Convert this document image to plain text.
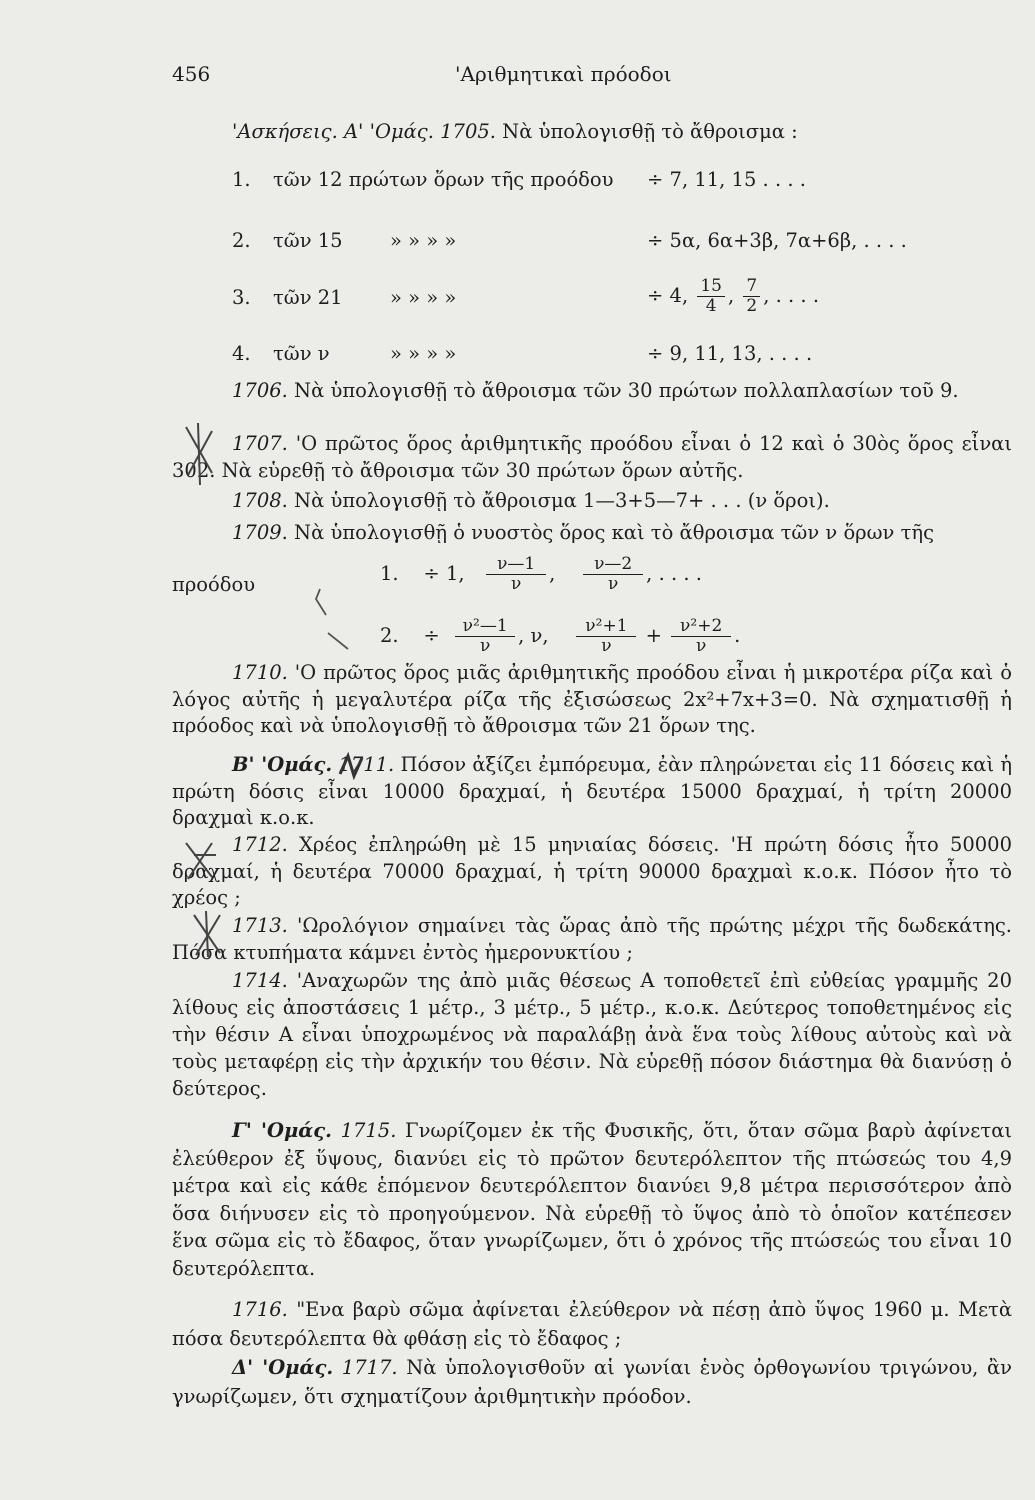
456	'Αριθμητικαὶ πρόοδοι
'Ασκήσεις. Α' 'Ομάς. 1705. Νὰ ὑπολογισθῇ τὸ ἄθροισμα :
1. τῶν 12 πρώτων ὅρων τῆς προόδου ÷ 7, 11, 15 . . . .
2. τῶν 15 » » » »	÷ 5α, 6α+3β, 7α+6β, . . . .
3. τῶν 21 » » » »	÷ 4, $\frac{15}{4}$ , $\frac{7}{2}$ , . . . .
4. τῶν ν	» » » »	÷ 9, 11, 13, . . . .
1706. Νὰ ὑπολογισθῇ τὸ ἄθροισμα τῶν 30 πρώτων πολλαπλασίων τοῦ 9.
1707. 'Ο πρῶτος ὅρος ἀριθμητικῆς προόδου εἶναι ὁ 12 καὶ ὁ 30ὸς ὅρος εἶναι 302. Νὰ εὑρεθῇ τὸ ἄθροισμα τῶν 30 πρώτων ὅρων αὐτῆς.
1708. Νὰ ὑπολογισθῇ τὸ ἄθροισμα 1—3+5—7+ . . . (ν ὅροι).
1709. Νὰ ὑπολογισθῇ ὁ νυοστὸς ὅρος καὶ τὸ ἄθροισμα τῶν ν ὅρων τῆς
προόδου	1. ÷ 1, $\frac{\nu—1}{\nu}$ , $\frac{\nu—2}{\nu}$ , . . . .
2. ÷ $\frac{\text{ν²—1}}{\nu}$ , ν, $\frac{\text{ν²+1}}{\nu} + \frac{\text{ν²+2}}{\nu}$ .
1710. 'Ο πρῶτος ὅρος μιᾶς ἀριθμητικῆς προόδου εἶναι ἡ μικροτέρα ρίζα καὶ ὁ λόγος αὐτῆς ἡ μεγαλυτέρα ρίζα τῆς ἐξισώσεως 2x²+7x+3=0. Νὰ σχηματισθῇ ἡ πρόοδος καὶ νὰ ὑπολογισθῇ τὸ ἄθροισμα τῶν 21 ὅρων της.
Β' 'Ομάς. 1711. Πόσον ἀξίζει ἐμπόρευμα, ἐὰν πληρώνεται εἰς 11 δόσεις καὶ ἡ πρώτη δόσις εἶναι 10000 δραχμαί, ἡ δευτέρα 15000 δραχμαί, ἡ τρίτη 20000 δραχμαὶ κ.ο.κ.
1712. Χρέος ἐπληρώθη μὲ 15 μηνιαίας δόσεις. 'Η πρώτη δόσις ἦτο 50000 δραχμαί, ἡ δευτέρα 70000 δραχμαί, ἡ τρίτη 90000 δραχμαὶ κ.ο.κ. Πόσον ἦτο τὸ χρέος ;
1713. 'Ωρολόγιον σημαίνει τὰς ὥρας ἀπὸ τῆς πρώτης μέχρι τῆς δωδεκάτης. Πόσα κτυπήματα κάμνει ἐντὸς ἡμερονυκτίου ;
1714. 'Αναχωρῶν της ἀπὸ μιᾶς θέσεως Α τοποθετεῖ ἐπὶ εὐθείας γραμμῆς 20 λίθους εἰς ἀποστάσεις 1 μέτρ., 3 μέτρ., 5 μέτρ., κ.ο.κ. Δεύτερος τοποθετημένος εἰς τὴν θέσιν Α εἶναι ὑποχρωμένος νὰ παραλάβῃ ἀνὰ ἕνα τοὺς λίθους αὐτοὺς καὶ νὰ τοὺς μεταφέρῃ εἰς τὴν ἀρχικήν του θέσιν. Νὰ εὑρεθῇ πόσον διάστημα θὰ διανύσῃ ὁ δεύτερος.
Γ' 'Ομάς. 1715. Γνωρίζομεν ἐκ τῆς Φυσικῆς, ὅτι, ὅταν σῶμα βαρὺ ἀφίνεται ἐλεύθερον ἐξ ὕψους, διανύει εἰς τὸ πρῶτον δευτερόλεπτον τῆς πτώσεώς του 4,9 μέτρα καὶ εἰς κάθε ἑπόμενον δευτερόλεπτον διανύει 9,8 μέτρα περισσότερον ἀπὸ ὅσα διήνυσεν εἰς τὸ προηγούμενον. Νὰ εὑρεθῇ τὸ ὕψος ἀπὸ τὸ ὁποῖον κατέπεσεν ἕνα σῶμα εἰς τὸ ἔδαφος, ὅταν γνωρίζωμεν, ὅτι ὁ χρόνος τῆς πτώσεώς του εἶναι 10 δευτερόλεπτα.
1716. "Ενα βαρὺ σῶμα ἀφίνεται ἐλεύθερον νὰ πέσῃ ἀπὸ ὕψος 1960 μ. Μετὰ πόσα δευτερόλεπτα θὰ φθάσῃ εἰς τὸ ἔδαφος ;
Δ' 'Ομάς. 1717. Νὰ ὑπολογισθοῦν αἱ γωνίαι ἑνὸς ὀρθογωνίου τριγώνου, ἂν γνωρίζωμεν, ὅτι σχηματίζουν ἀριθμητικὴν πρόοδον.
